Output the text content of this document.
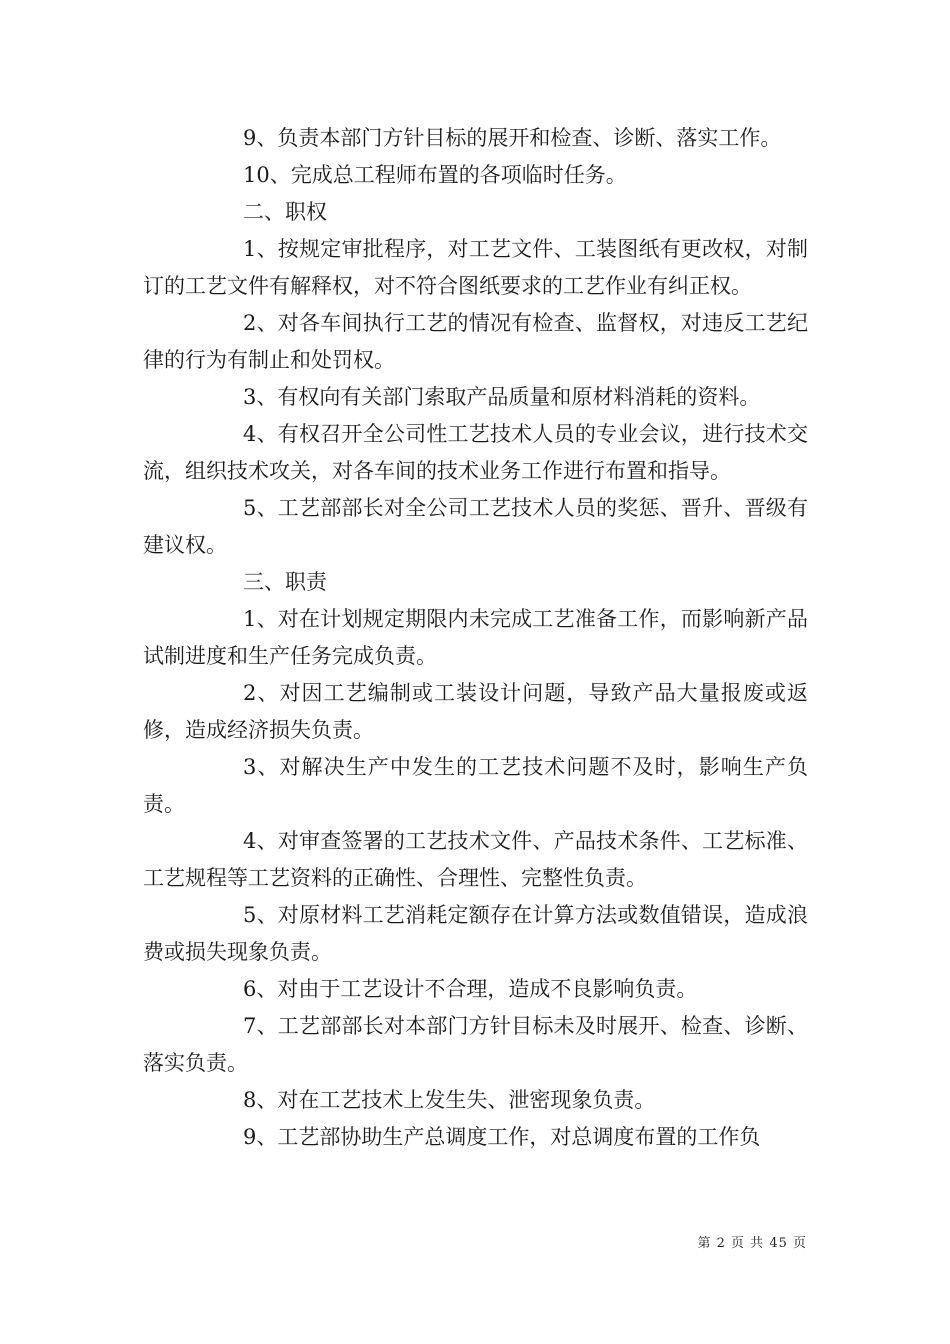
9、负责本部门方针目标的展开和检查、诊断、落实工作。

10、完成总工程师布置的各项临时任务。

二、职权

1、按规定审批程序，对工艺文件、工装图纸有更改权，对制订的工艺文件有解释权，对不符合图纸要求的工艺作业有纠正权。

2、对各车间执行工艺的情况有检查、监督权，对违反工艺纪律的行为有制止和处罚权。

3、有权向有关部门索取产品质量和原材料消耗的资料。

4、有权召开全公司性工艺技术人员的专业会议，进行技术交流，组织技术攻关，对各车间的技术业务工作进行布置和指导。

5、工艺部部长对全公司工艺技术人员的奖惩、晋升、晋级有建议权。

三、职责

1、对在计划规定期限内未完成工艺准备工作，而影响新产品试制进度和生产任务完成负责。

2、对因工艺编制或工装设计问题，导致产品大量报废或返修，造成经济损失负责。

3、对解决生产中发生的工艺技术问题不及时，影响生产负责。

4、对审查签署的工艺技术文件、产品技术条件、工艺标准、工艺规程等工艺资料的正确性、合理性、完整性负责。

5、对原材料工艺消耗定额存在计算方法或数值错误，造成浪费或损失现象负责。

6、对由于工艺设计不合理，造成不良影响负责。

7、工艺部部长对本部门方针目标未及时展开、检查、诊断、落实负责。

8、对在工艺技术上发生失、泄密现象负责。

9、工艺部协助生产总调度工作，对总调度布置的工作负

第 2 页 共 45 页
